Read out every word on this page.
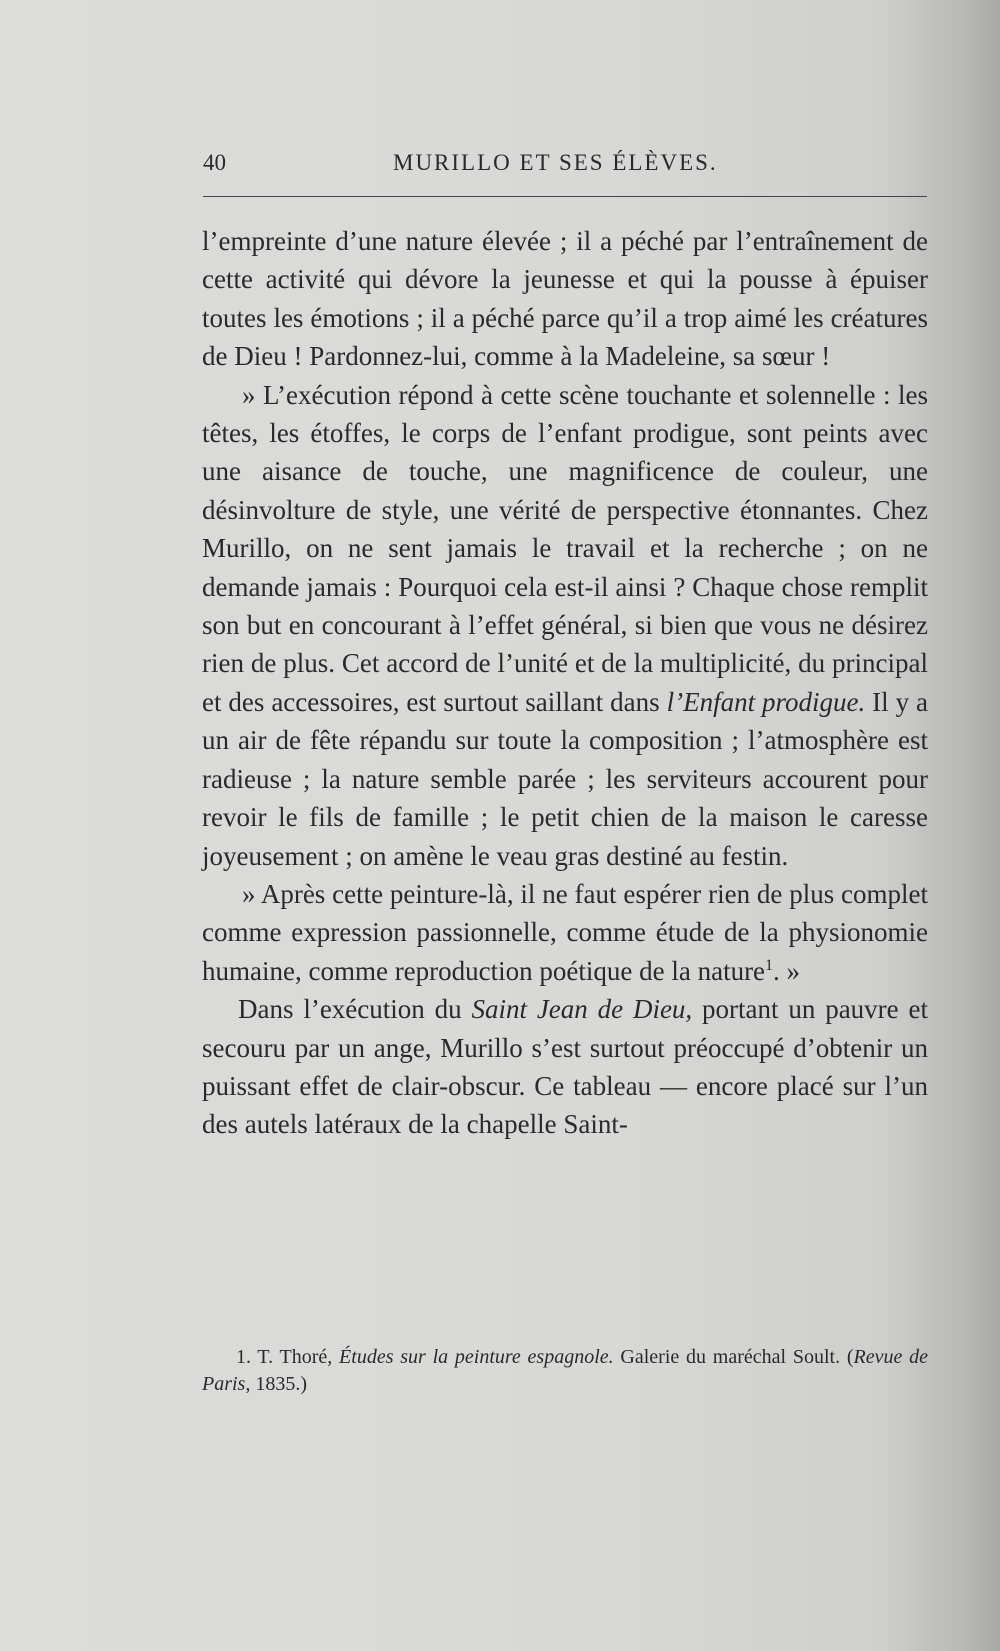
40	MURILLO ET SES ÉLÈVES.

l’empreinte d’une nature élevée ; il a péché par l’entraînement de cette activité qui dévore la jeunesse et qui la pousse à épuiser toutes les émotions ; il a péché parce qu’il a trop aimé les créatures de Dieu ! Pardonnez-lui, comme à la Madeleine, sa sœur !

» L’exécution répond à cette scène touchante et solennelle : les têtes, les étoffes, le corps de l’enfant prodigue, sont peints avec une aisance de touche, une magnificence de couleur, une désinvolture de style, une vérité de perspective étonnantes. Chez Murillo, on ne sent jamais le travail et la recherche ; on ne demande jamais : Pourquoi cela est-il ainsi ? Chaque chose remplit son but en concourant à l’effet général, si bien que vous ne désirez rien de plus. Cet accord de l’unité et de la multiplicité, du principal et des accessoires, est surtout saillant dans l’Enfant prodigue. Il y a un air de fête répandu sur toute la composition ; l’atmosphère est radieuse ; la nature semble parée ; les serviteurs accourent pour revoir le fils de famille ; le petit chien de la maison le caresse joyeusement ; on amène le veau gras destiné au festin.

» Après cette peinture-là, il ne faut espérer rien de plus complet comme expression passionnelle, comme étude de la physionomie humaine, comme reproduction poétique de la nature$^1$. »

Dans l’exécution du Saint Jean de Dieu, portant un pauvre et secouru par un ange, Murillo s’est surtout préoccupé d’obtenir un puissant effet de clair-obscur. Ce tableau — encore placé sur l’un des autels latéraux de la chapelle Saint-

1. T. Thoré, Études sur la peinture espagnole. Galerie du maréchal Soult. (Revue de Paris, 1835.)
